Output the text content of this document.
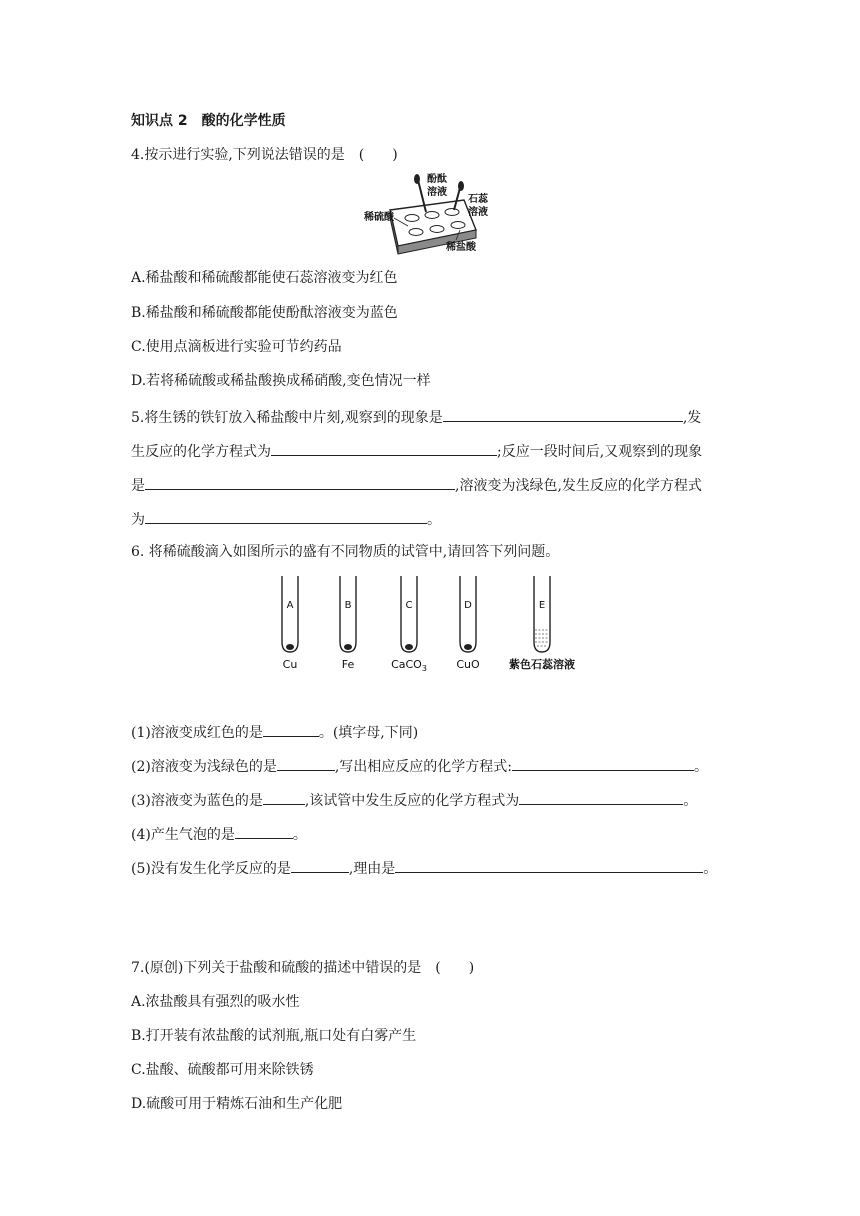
知识点 2　酸的化学性质
4.按示进行实验,下列说法错误的是　(　　)
酚酞
溶液
石蕊
溶液
稀硫酸
稀盐酸
A.稀盐酸和稀硫酸都能使石蕊溶液变为红色
B.稀盐酸和稀硫酸都能使酚酞溶液变为蓝色
C.使用点滴板进行实验可节约药品
D.若将稀硫酸或稀盐酸换成稀硝酸,变色情况一样
5.将生锈的铁钉放入稀盐酸中片刻,观察到的现象是	,发
生反应的化学方程式为	;反应一段时间后,又观察到的现象
是	,溶液变为浅绿色,发生反应的化学方程式
为	。
6. 将稀硫酸滴入如图所示的盛有不同物质的试管中,请回答下列问题。
A
Cu
B
Fe
C
CaCO$_3$
D
CuO
E
紫色石蕊溶液
(1)溶液变成红色的是	。(填字母,下同)
(2)溶液变为浅绿色的是	,写出相应反应的化学方程式:	。
(3)溶液变为蓝色的是	,该试管中发生反应的化学方程式为	。
(4)产生气泡的是	。
(5)没有发生化学反应的是	,理由是	。
7.(原创)下列关于盐酸和硫酸的描述中错误的是　(　　)
A.浓盐酸具有强烈的吸水性
B.打开装有浓盐酸的试剂瓶,瓶口处有白雾产生
C.盐酸、硫酸都可用来除铁锈
D.硫酸可用于精炼石油和生产化肥
